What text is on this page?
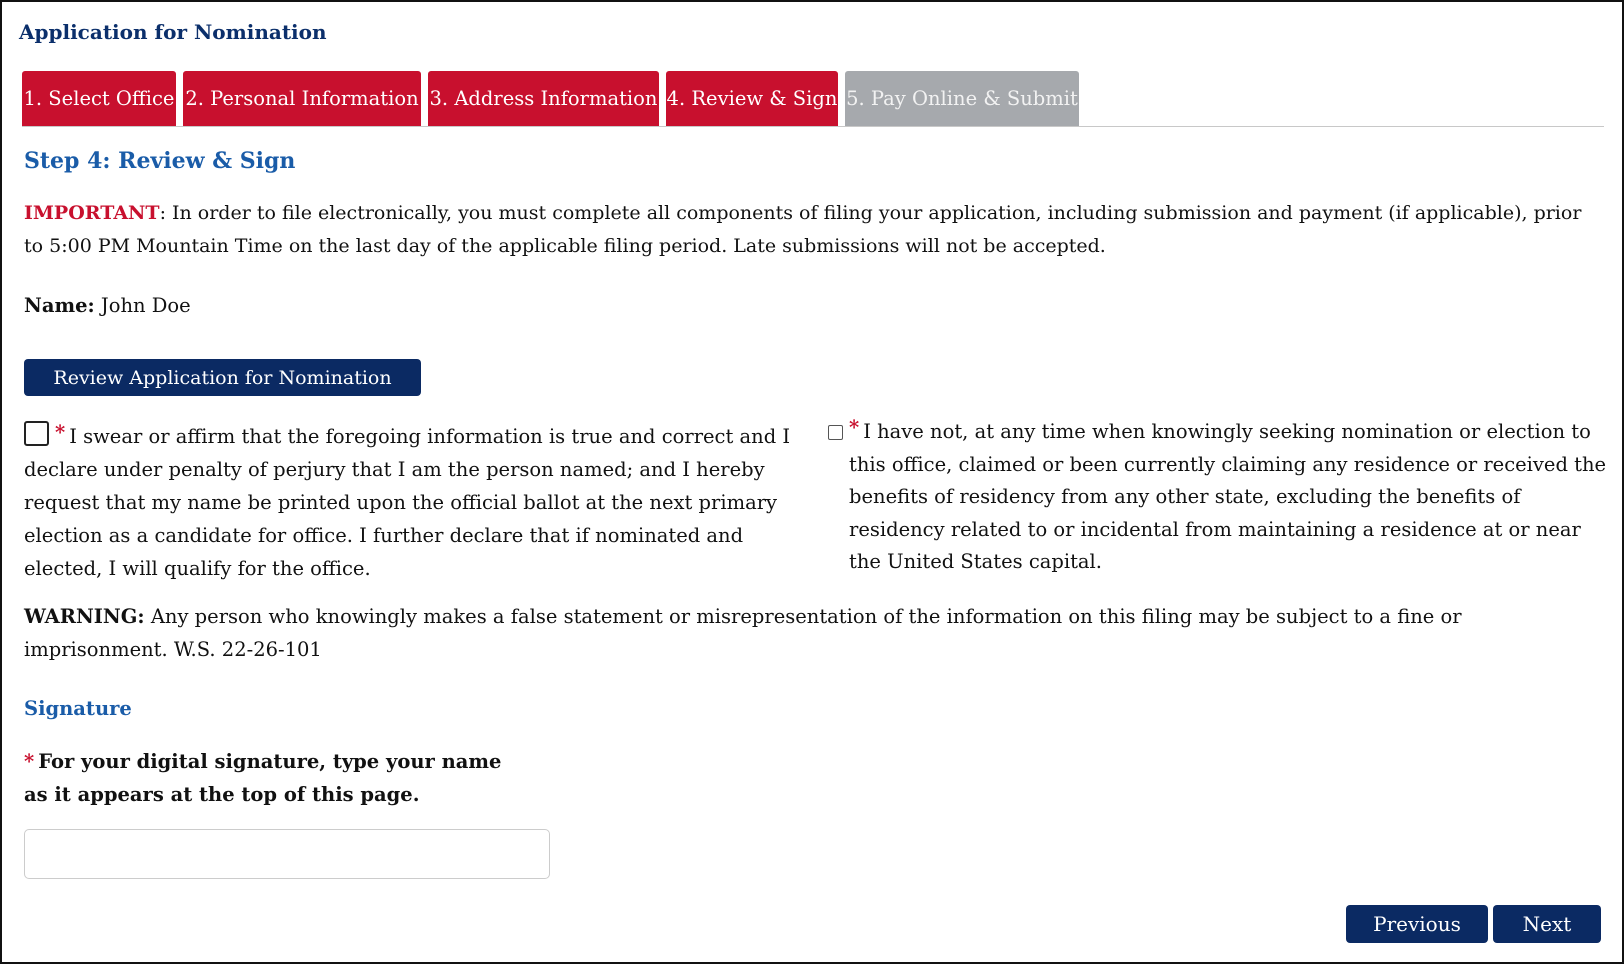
Application for Nomination
1. Select Office 2. Personal Information 3. Address Information 4. Review & Sign 5. Pay Online & Submit
Step 4: Review & Sign
IMPORTANT: In order to file electronically, you must complete all components of filing your application, including submission and payment (if applicable), prior to 5:00 PM Mountain Time on the last day of the applicable filing period. Late submissions will not be accepted.
Name: John Doe
Review Application for Nomination
* I swear or affirm that the foregoing information is true and correct and I declare under penalty of perjury that I am the person named; and I hereby request that my name be printed upon the official ballot at the next primary election as a candidate for office. I further declare that if nominated and elected, I will qualify for the office.
* I have not, at any time when knowingly seeking nomination or election to this office, claimed or been currently claiming any residence or received the benefits of residency from any other state, excluding the benefits of residency related to or incidental from maintaining a residence at or near the United States capital.
WARNING: Any person who knowingly makes a false statement or misrepresentation of the information on this filing may be subject to a fine or imprisonment. W.S. 22-26-101
Signature
* For your digital signature, type your name as it appears at the top of this page.
Previous	Next
